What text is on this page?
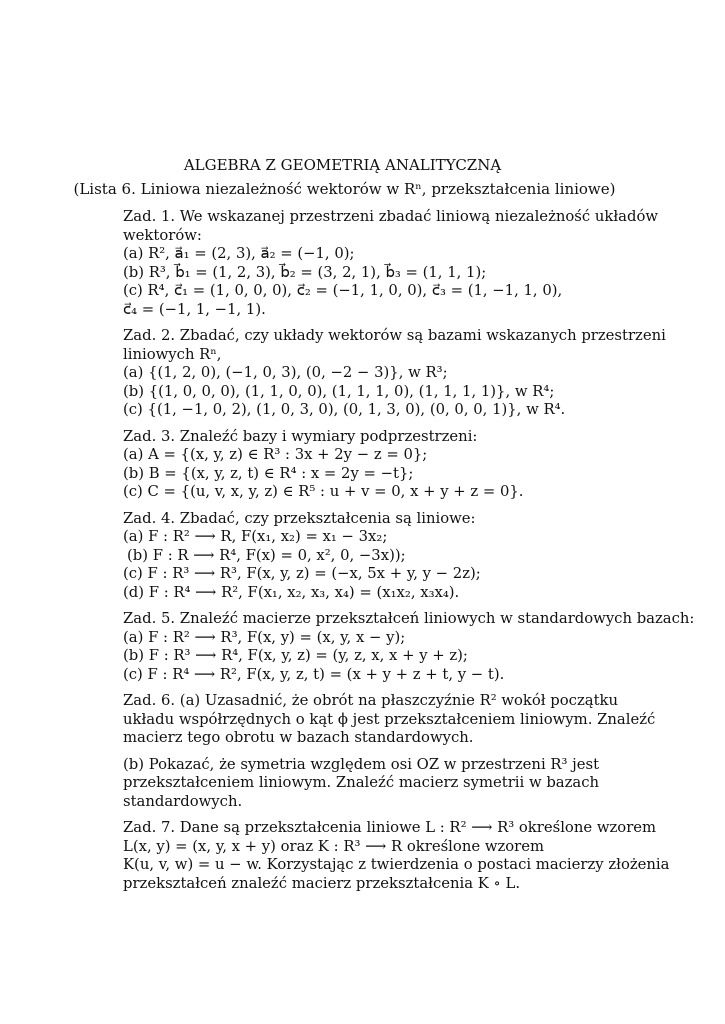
ALGEBRA Z GEOMETRIĄ ANALITYCZNĄ
(Lista 6. Liniowa niezależność wektorów w Rⁿ, przekształcenia liniowe)

Zad. 1. We wskazanej przestrzeni zbadać liniową niezależność układów

wektorów:

(a) R², a⃗₁ = (2, 3), a⃗₂ = (−1, 0);

(b) R³, b⃗₁ = (1, 2, 3), b⃗₂ = (3, 2, 1), b⃗₃ = (1, 1, 1);

(c) R⁴, c⃗₁ = (1, 0, 0, 0), c⃗₂ = (−1, 1, 0, 0), c⃗₃ = (1, −1, 1, 0),

c⃗₄ = (−1, 1, −1, 1).

Zad. 2. Zbadać, czy układy wektorów są bazami wskazanych przestrzeni

liniowych Rⁿ,

(a) {(1, 2, 0), (−1, 0, 3), (0, −2 − 3)}, w R³;

(b) {(1, 0, 0, 0), (1, 1, 0, 0), (1, 1, 1, 0), (1, 1, 1, 1)}, w R⁴;

(c) {(1, −1, 0, 2), (1, 0, 3, 0), (0, 1, 3, 0), (0, 0, 0, 1)}, w R⁴.

Zad. 3. Znaleźć bazy i wymiary podprzestrzeni:

(a) A = {(x, y, z) ∈ R³ : 3x + 2y − z = 0};

(b) B = {(x, y, z, t) ∈ R⁴ : x = 2y = −t};

(c) C = {(u, v, x, y, z) ∈ R⁵ : u + v = 0, x + y + z = 0}.

Zad. 4. Zbadać, czy przekształcenia są liniowe:

(a) F : R² ⟶ R, F(x₁, x₂) = x₁ − 3x₂;

(b) F : R ⟶ R⁴, F(x) = 0, x², 0, −3x));

(c) F : R³ ⟶ R³, F(x, y, z) = (−x, 5x + y, y − 2z);

(d) F : R⁴ ⟶ R², F(x₁, x₂, x₃, x₄) = (x₁x₂, x₃x₄).

Zad. 5. Znaleźć macierze przekształceń liniowych w standardowych bazach:

(a) F : R² ⟶ R³, F(x, y) = (x, y, x − y);

(b) F : R³ ⟶ R⁴, F(x, y, z) = (y, z, x, x + y + z);

(c) F : R⁴ ⟶ R², F(x, y, z, t) = (x + y + z + t, y − t).

Zad. 6. (a) Uzasadnić, że obrót na płaszczyźnie R² wokół początku

układu współrzędnych o kąt ϕ jest przekształceniem liniowym. Znaleźć

macierz tego obrotu w bazach standardowych.

(b) Pokazać, że symetria względem osi OZ w przestrzeni R³ jest

przekształceniem liniowym. Znaleźć macierz symetrii w bazach

standardowych.

Zad. 7. Dane są przekształcenia liniowe L : R² ⟶ R³ określone wzorem

L(x, y) = (x, y, x + y) oraz K : R³ ⟶ R określone wzorem

K(u, v, w) = u − w. Korzystając z twierdzenia o postaci macierzy złożenia

przekształceń znaleźć macierz przekształcenia K ∘ L.
